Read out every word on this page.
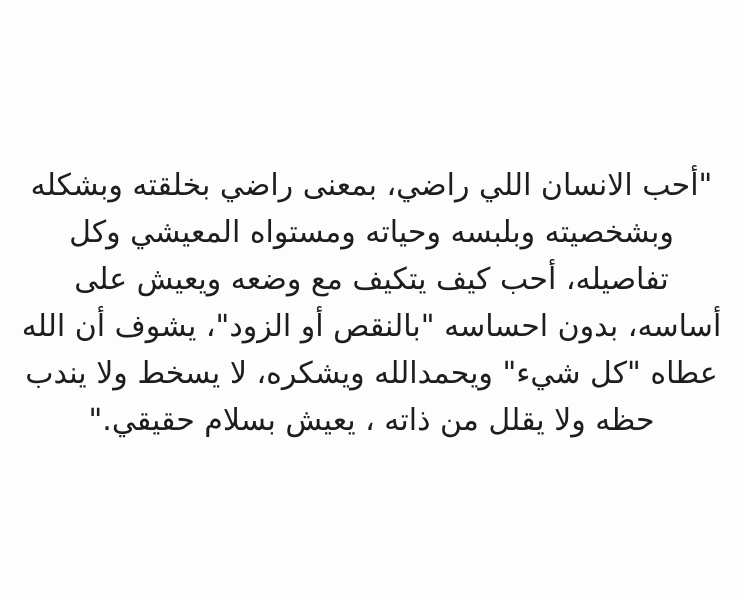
"أحب الانسان اللي راضي، بمعنى راضي بخلقته وبشكله
وبشخصيته وبلبسه وحياته ومستواه المعيشي وكل
تفاصيله، أحب كيف يتكيف مع وضعه ويعيش على
أساسه، بدون احساسه "بالنقص أو الزود"، يشوف أن الله
عطاه "كل شيء" ويحمدالله ويشكره، لا يسخط ولا يندب
حظه ولا يقلل من ذاته ، يعيش بسلام حقيقي."
